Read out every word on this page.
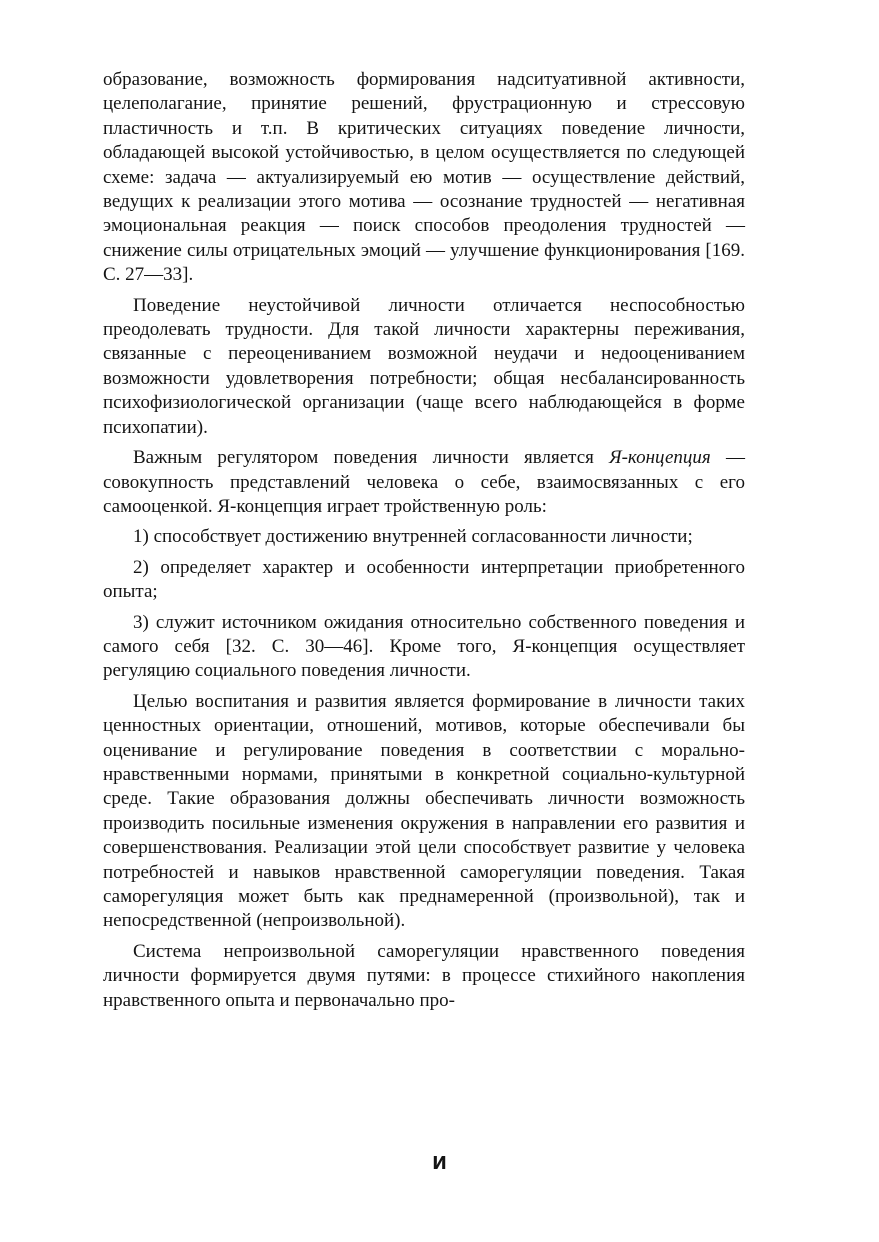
образование, возможность формирования надситуативной активности, целеполагание, принятие решений, фрустрационную и стрессовую пластичность и т.п. В критических ситуациях поведение личности, обладающей высокой устойчивостью, в целом осуществляется по следующей схеме: задача — актуализируемый ею мотив — осуществление действий, ведущих к реализации этого мотива — осознание трудностей — негативная эмоциональная реакция — поиск способов преодоления трудностей — снижение силы отрицательных эмоций — улучшение функционирования [169. С. 27—33].

Поведение неустойчивой личности отличается неспособностью преодолевать трудности. Для такой личности характерны переживания, связанные с переоцениванием возможной неудачи и недооцениванием возможности удовлетворения потребности; общая несбалансированность психофизиологической организации (чаще всего наблюдающейся в форме психопатии).

Важным регулятором поведения личности является Я-концепция — совокупность представлений человека о себе, взаимосвязанных с его самооценкой. Я-концепция играет тройственную роль:

1) способствует достижению внутренней согласованности личности;

2) определяет характер и особенности интерпретации приобретенного опыта;

3) служит источником ожидания относительно собственного поведения и самого себя [32. С. 30—46]. Кроме того, Я-концепция осуществляет регуляцию социального поведения личности.

Целью воспитания и развития является формирование в личности таких ценностных ориентации, отношений, мотивов, которые обеспечивали бы оценивание и регулирование поведения в соответствии с морально-нравственными нормами, принятыми в конкретной социально-культурной среде. Такие образования должны обеспечивать личности возможность производить посильные изменения окружения в направлении его развития и совершенствования. Реализации этой цели способствует развитие у человека потребностей и навыков нравственной саморегуляции поведения. Такая саморегуляция может быть как преднамеренной (произвольной), так и непосредственной (непроизвольной).

Система непроизвольной саморегуляции нравственного поведения личности формируется двумя путями: в процессе стихийного накопления нравственного опыта и первоначально про-

и
